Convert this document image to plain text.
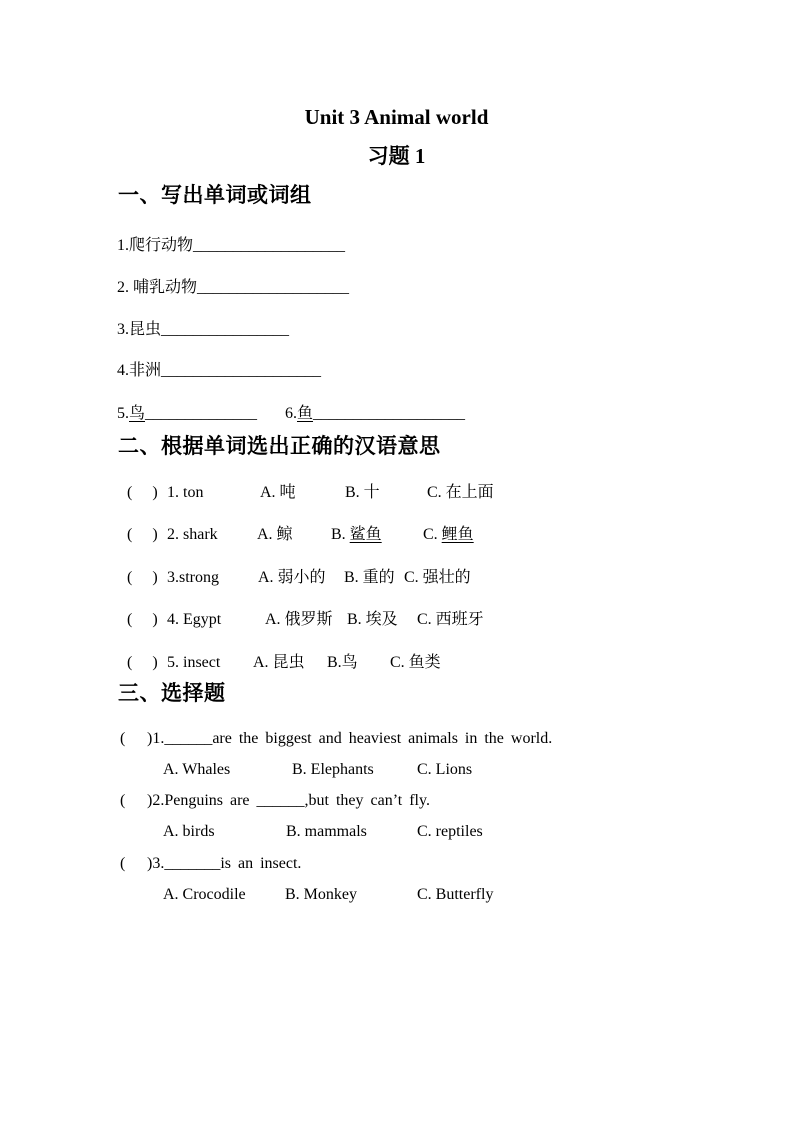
Unit 3 Animal world
习题 1
一、写出单词或词组
1.爬行动物___________________
2. 哺乳动物___________________
3.昆虫________________
4.非洲____________________
5.鸟______________ 6.鱼___________________
二、根据单词选出正确的汉语意思
(     ) 1. ton	A. 吨	B. 十	C. 在上面
(     ) 2. shark A. 鲸 B. 鲨鱼	C. 鲤鱼
(     ) 3.strong A. 弱小的 B. 重的 C. 强壮的
(     ) 4. Egypt	A. 俄罗斯 B. 埃及 C. 西班牙
(     ) 5. insect A. 昆虫 B.鸟 C. 鱼类
三、选择题
( )1.______are the biggest and heaviest animals in the world.
A. Whales	B. Elephants	C. Lions
( )2.Penguins are ______,but they can’t fly.
A. birds	B. mammals	C. reptiles
( )3._______is an insect.
A. Crocodile B. Monkey	C. Butterfly
